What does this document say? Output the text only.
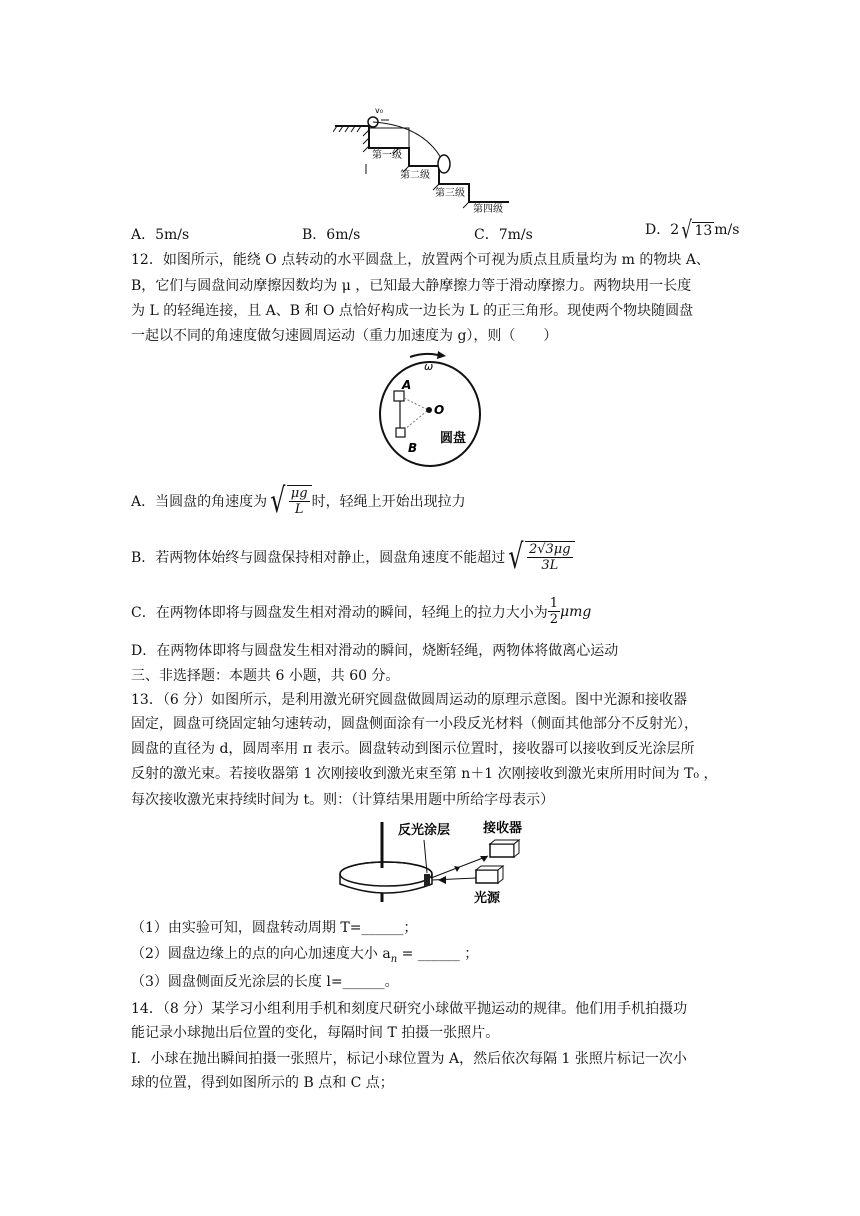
v₀
第一级
第二级
第三级
第四级
A．5m/s	B．6m/s	C．7m/s	D．2 √ 13 m/s
12．如图所示，能绕 O 点转动的水平圆盘上，放置两个可视为质点且质量均为 m 的物块 A、
B，它们与圆盘间动摩擦因数均为 μ ，已知最大静摩擦力等于滑动摩擦力。两物块用一长度
为 L 的轻绳连接，且 A、B 和 O 点恰好构成一边长为 L 的正三角形。现使两个物块随圆盘
一起以不同的角速度做匀速圆周运动（重力加速度为 g），则（　　）
ω
A
O
B
圆盘
A．当圆盘的角速度为 √ $\frac{\mu g}{L}$ 时，轻绳上开始出现拉力
B．若两物体始终与圆盘保持相对静止，圆盘角速度不能超过 √ $\frac{2√3\mu g}{3L}$
C．在两物体即将与圆盘发生相对滑动的瞬间，轻绳上的拉力大小为 $\frac{1}{2}$ μmg
D．在两物体即将与圆盘发生相对滑动的瞬间，烧断轻绳，两物体将做离心运动
三、非选择题：本题共 6 小题，共 60 分。
13．（6 分）如图所示，是利用激光研究圆盘做圆周运动的原理示意图。图中光源和接收器
固定，圆盘可绕固定轴匀速转动，圆盘侧面涂有一小段反光材料（侧面其他部分不反射光），
圆盘的直径为 d，圆周率用 π 表示。圆盘转动到图示位置时，接收器可以接收到反光涂层所
反射的激光束。若接收器第 1 次刚接收到激光束至第 n＋1 次刚接收到激光束所用时间为 T₀ ，
每次接收激光束持续时间为 t。则：（计算结果用题中所给字母表示）
反光涂层	接收器
光源
（1）由实验可知，圆盘转动周期 T=______；
（2）圆盘边缘上的点的向心加速度大小 $a_n$ = ______ ；
（3）圆盘侧面反光涂层的长度 l=______。
14．（8 分）某学习小组利用手机和刻度尺研究小球做平抛运动的规律。他们用手机拍摄功
能记录小球抛出后位置的变化，每隔时间 T 拍摄一张照片。
Ⅰ．小球在抛出瞬间拍摄一张照片，标记小球位置为 A，然后依次每隔 1 张照片标记一次小
球的位置，得到如图所示的 B 点和 C 点；
